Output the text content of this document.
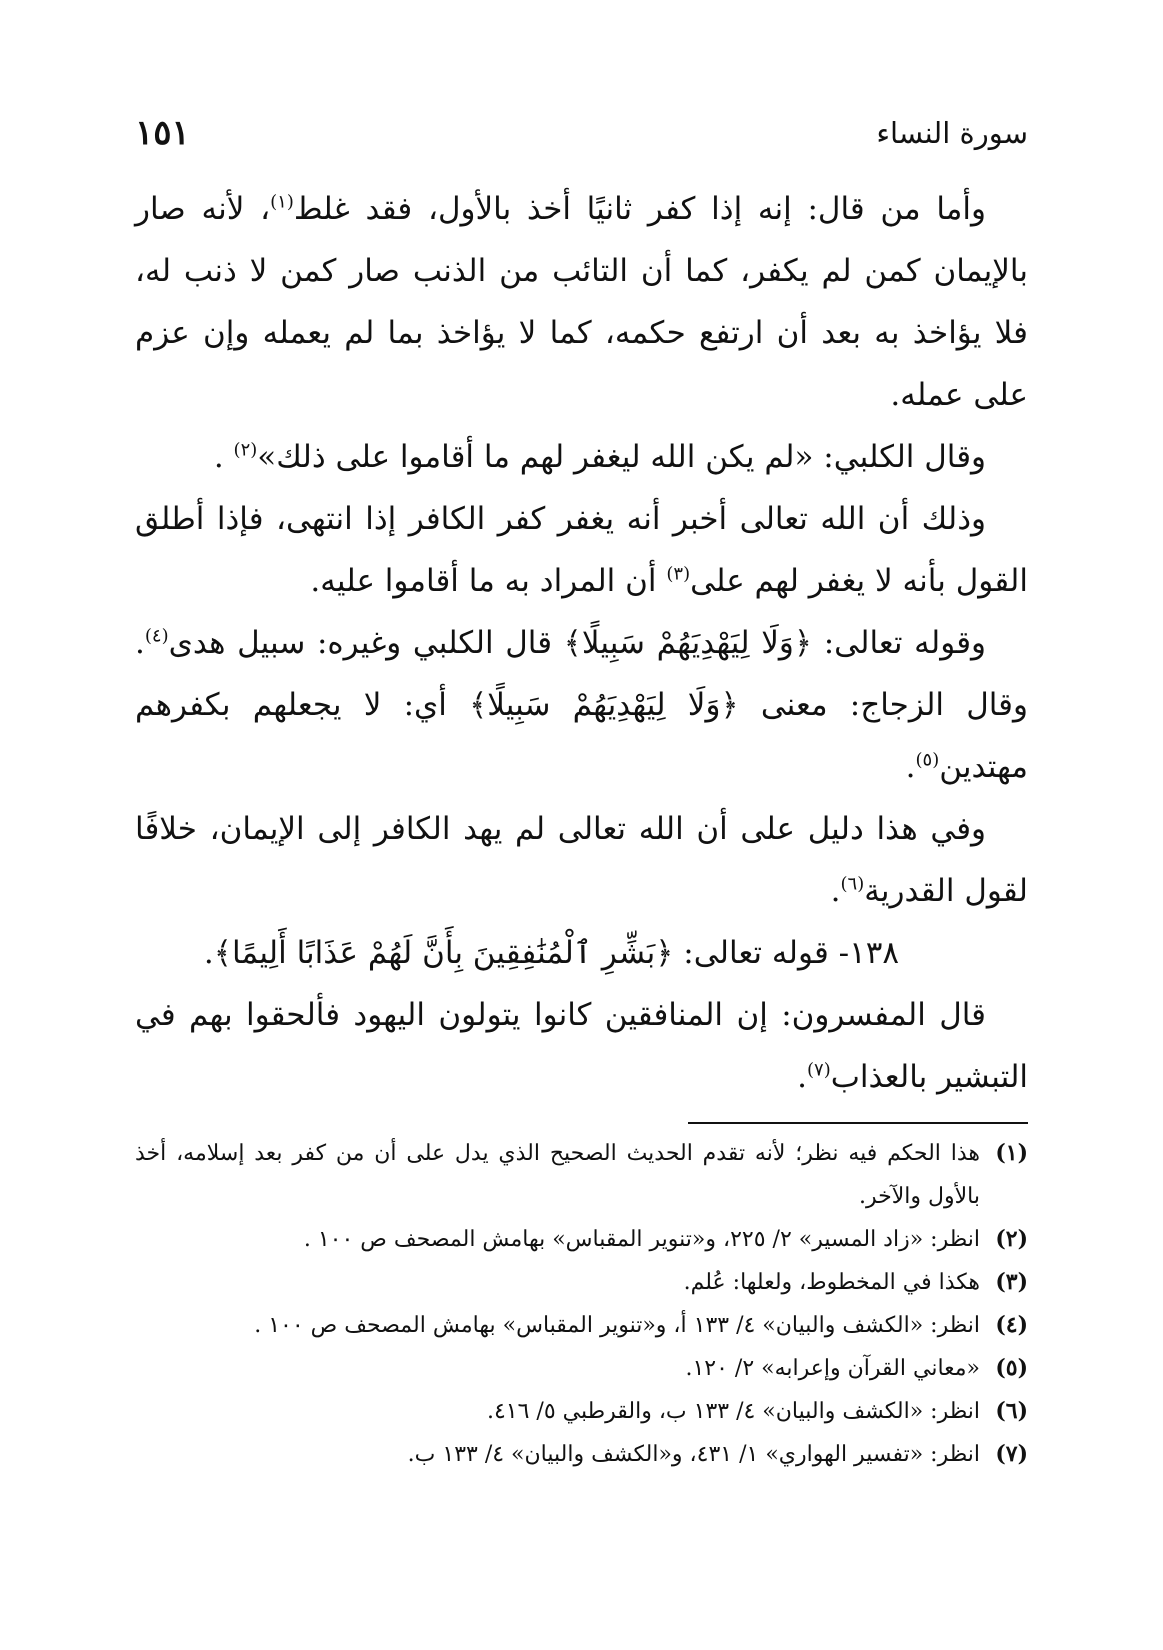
سورة النساء
١٥١

وأما من قال: إنه إذا كفر ثانيًا أخذ بالأول، فقد غلط$^{(١)}$، لأنه صار بالإيمان كمن لم يكفر، كما أن التائب من الذنب صار كمن لا ذنب له، فلا يؤاخذ به بعد أن ارتفع حكمه، كما لا يؤاخذ بما لم يعمله وإن عزم على عمله.

وقال الكلبي: «لم يكن الله ليغفر لهم ما أقاموا على ذلك»$^{(٢)}$ .

وذلك أن الله تعالى أخبر أنه يغفر كفر الكافر إذا انتهى، فإذا أطلق القول بأنه لا يغفر لهم على$^{(٣)}$ أن المراد به ما أقاموا عليه.

وقوله تعالى: ﴿وَلَا لِيَهْدِيَهُمْ سَبِيلًا﴾ قال الكلبي وغيره: سبيل هدى$^{(٤)}$. وقال الزجاج: معنى ﴿وَلَا لِيَهْدِيَهُمْ سَبِيلًا﴾ أي: لا يجعلهم بكفرهم مهتدين$^{(٥)}$.

وفي هذا دليل على أن الله تعالى لم يهد الكافر إلى الإيمان، خلافًا لقول القدرية$^{(٦)}$.

١٣٨- قوله تعالى: ﴿بَشِّرِ ٱلْمُنَٰفِقِينَ بِأَنَّ لَهُمْ عَذَابًا أَلِيمًا﴾.

قال المفسرون: إن المنافقين كانوا يتولون اليهود فألحقوا بهم في التبشير بالعذاب$^{(٧)}$.

(١)
هذا الحكم فيه نظر؛ لأنه تقدم الحديث الصحيح الذي يدل على أن من كفر بعد إسلامه، أخذ بالأول والآخر.
(٢)
انظر: «زاد المسير» ٢/ ٢٢٥، و«تنوير المقباس» بهامش المصحف ص ١٠٠ .
(٣)
هكذا في المخطوط، ولعلها: عُلم.
(٤)
انظر: «الكشف والبيان» ٤/ ١٣٣ أ، و«تنوير المقباس» بهامش المصحف ص ١٠٠ .
(٥)
«معاني القرآن وإعرابه» ٢/ ١٢٠.
(٦)
انظر: «الكشف والبيان» ٤/ ١٣٣ ب، والقرطبي ٥/ ٤١٦.
(٧)
انظر: «تفسير الهواري» ١/ ٤٣١، و«الكشف والبيان» ٤/ ١٣٣ ب.
